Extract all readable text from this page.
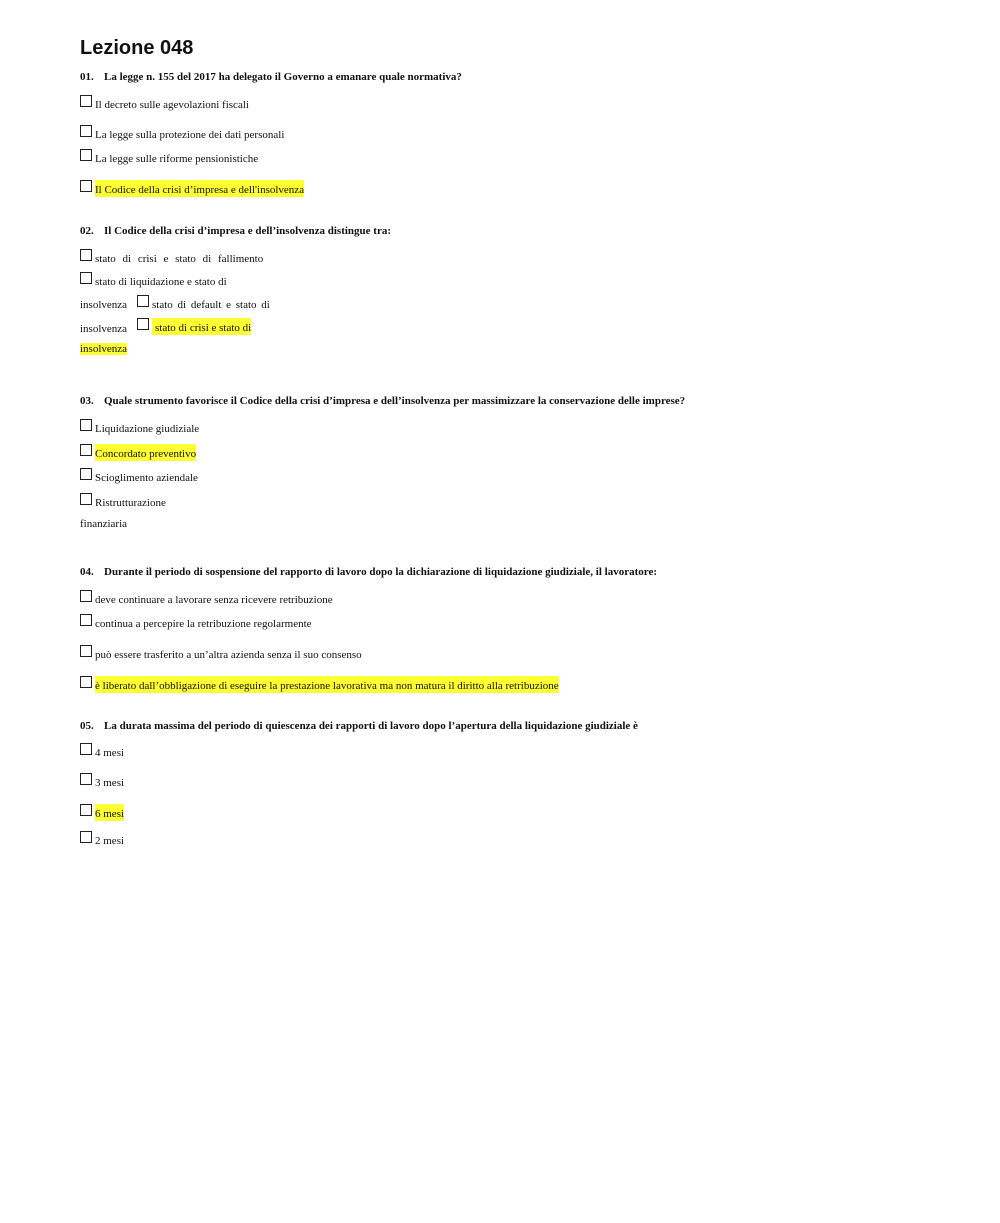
Lezione 048

01. La legge n. 155 del 2017 ha delegato il Governo a emanare quale normativa?

Il decreto sulle agevolazioni fiscali
La legge sulla protezione dei dati personali
La legge sulle riforme pensionistiche
Il Codice della crisi d’impresa e dell'insolvenza

02. Il Codice della crisi d’impresa e dell’insolvenza distingue tra:

stato di crisi e stato di fallimento
stato di liquidazione e stato di
insolvenza stato di default e stato di
insolvenza	stato di crisi e stato di
insolvenza

03. Quale strumento favorisce il Codice della crisi d’impresa e dell’insolvenza per massimizzare la conservazione delle imprese?

Liquidazione giudiziale
Concordato preventivo
Scioglimento aziendale
Ristrutturazione
finanziaria

04. Durante il periodo di sospensione del rapporto di lavoro dopo la dichiarazione di liquidazione giudiziale, il lavoratore:

deve continuare a lavorare senza ricevere retribuzione
continua a percepire la retribuzione regolarmente
può essere trasferito a un’altra azienda senza il suo consenso
è liberato dall’obbligazione di eseguire la prestazione lavorativa ma non matura il diritto alla retribuzione

05. La durata massima del periodo di quiescenza dei rapporti di lavoro dopo l’apertura della liquidazione giudiziale è

4 mesi
3 mesi
6 mesi
2 mesi
